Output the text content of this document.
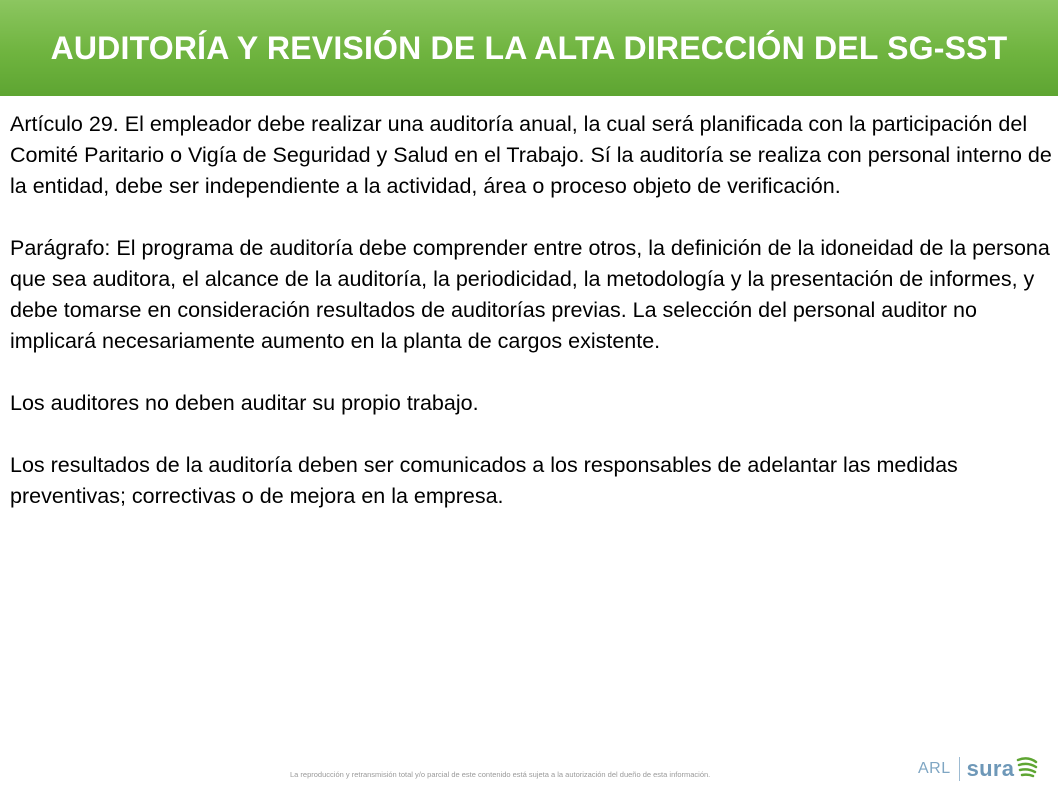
AUDITORÍA Y REVISIÓN DE LA ALTA DIRECCIÓN DEL SG-SST

Artículo 29. El empleador debe realizar una auditoría anual, la cual será planificada con la participación del Comité Paritario o Vigía de Seguridad y Salud en el Trabajo. Sí la auditoría se realiza con personal interno de la entidad, debe ser independiente a la actividad, área o proceso objeto de verificación.

Parágrafo: El programa de auditoría debe comprender entre otros, la definición de la idoneidad de la persona que sea auditora, el alcance de la auditoría, la periodicidad, la metodología y la presentación de informes, y debe tomarse en consideración resultados de auditorías previas. La selección del personal auditor no implicará necesariamente aumento en la planta de cargos existente.

Los auditores no deben auditar su propio trabajo.

Los resultados de la auditoría deben ser comunicados a los responsables de adelantar las medidas preventivas; correctivas o de mejora en la empresa.

La reproducción y retransmisión total y/o parcial de este contenido está sujeta a la autorización del dueño de esta información.	ARL sura
